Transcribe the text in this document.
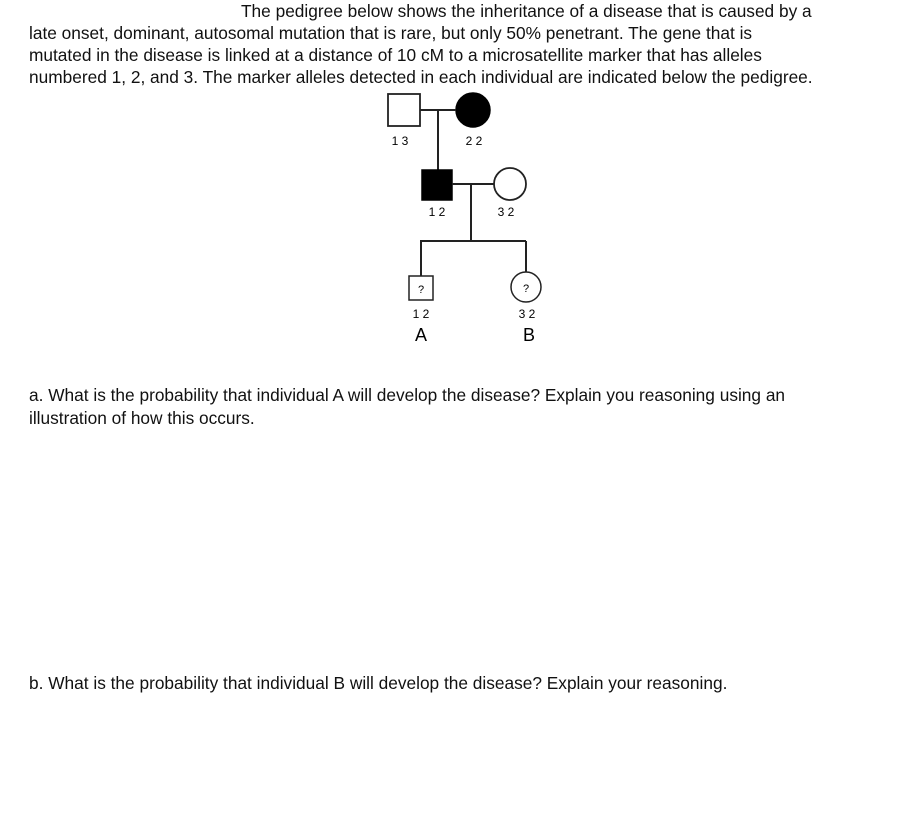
The pedigree below shows the inheritance of a disease that is caused by a
late onset, dominant, autosomal mutation that is rare, but only 50% penetrant. The gene that is
mutated in the disease is linked at a distance of 10 cM to a microsatellite marker that has alleles
numbered 1, 2, and 3. The marker alleles detected in each individual are indicated below the pedigree.
1 3	2 2
1 2	3 2
?	?
1 2	3 2
A	B
a. What is the probability that individual A will develop the disease? Explain you reasoning using an
illustration of how this occurs.
b. What is the probability that individual B will develop the disease? Explain your reasoning.
